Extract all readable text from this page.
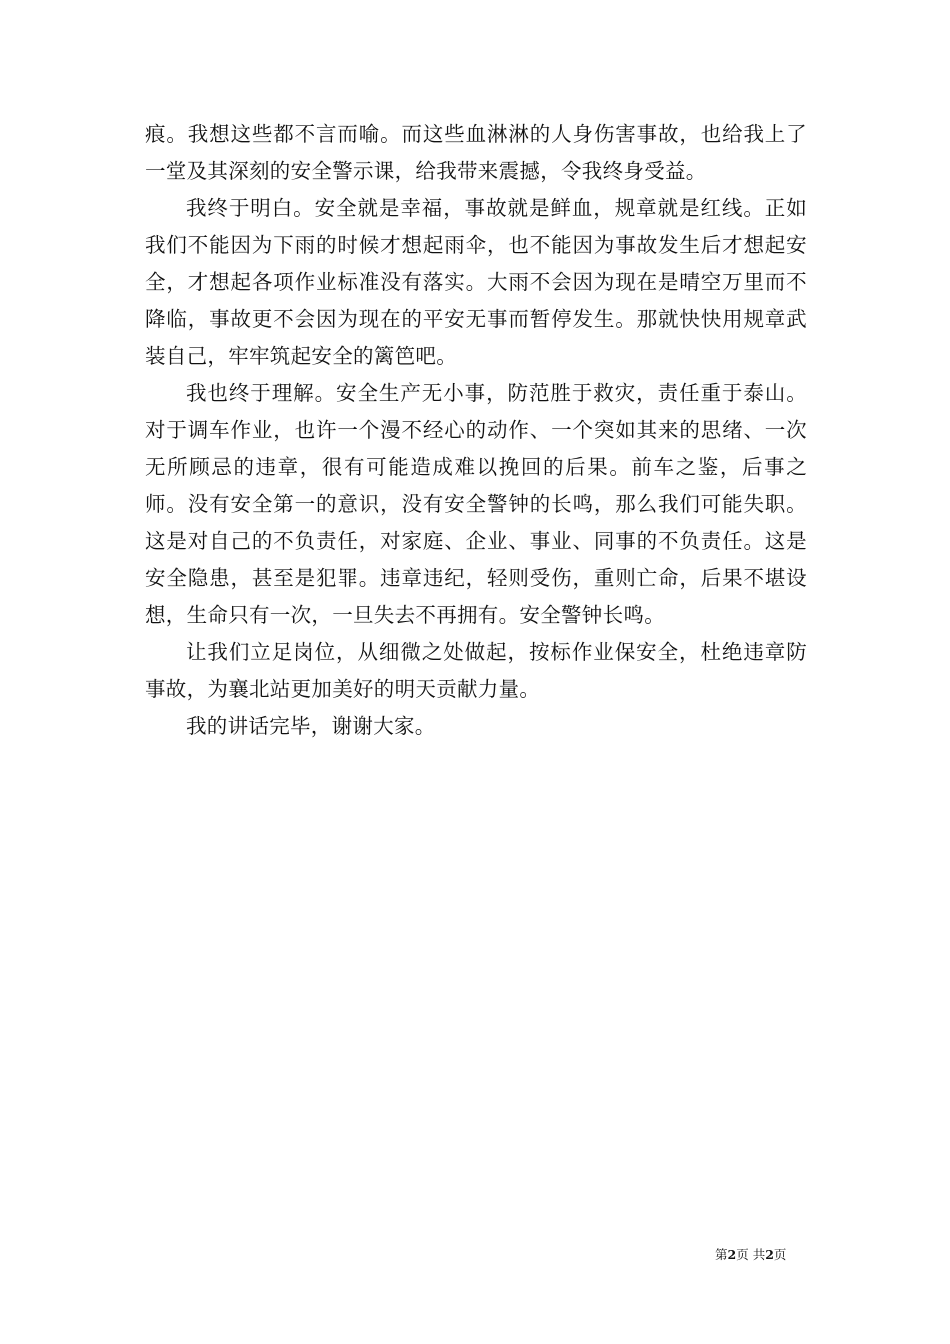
痕。我想这些都不言而喻。而这些血淋淋的人身伤害事故，也给我上了一堂及其深刻的安全警示课，给我带来震撼，令我终身受益。

我终于明白。安全就是幸福，事故就是鲜血，规章就是红线。正如我们不能因为下雨的时候才想起雨伞，也不能因为事故发生后才想起安全，才想起各项作业标准没有落实。大雨不会因为现在是晴空万里而不降临，事故更不会因为现在的平安无事而暂停发生。那就快快用规章武装自己，牢牢筑起安全的篱笆吧。

我也终于理解。安全生产无小事，防范胜于救灾，责任重于泰山。对于调车作业，也许一个漫不经心的动作、一个突如其来的思绪、一次无所顾忌的违章，很有可能造成难以挽回的后果。前车之鉴，后事之师。没有安全第一的意识，没有安全警钟的长鸣，那么我们可能失职。这是对自己的不负责任，对家庭、企业、事业、同事的不负责任。这是安全隐患，甚至是犯罪。违章违纪，轻则受伤，重则亡命，后果不堪设想，生命只有一次，一旦失去不再拥有。安全警钟长鸣。

让我们立足岗位，从细微之处做起，按标作业保安全，杜绝违章防事故，为襄北站更加美好的明天贡献力量。

我的讲话完毕，谢谢大家。

第2页 共2页
